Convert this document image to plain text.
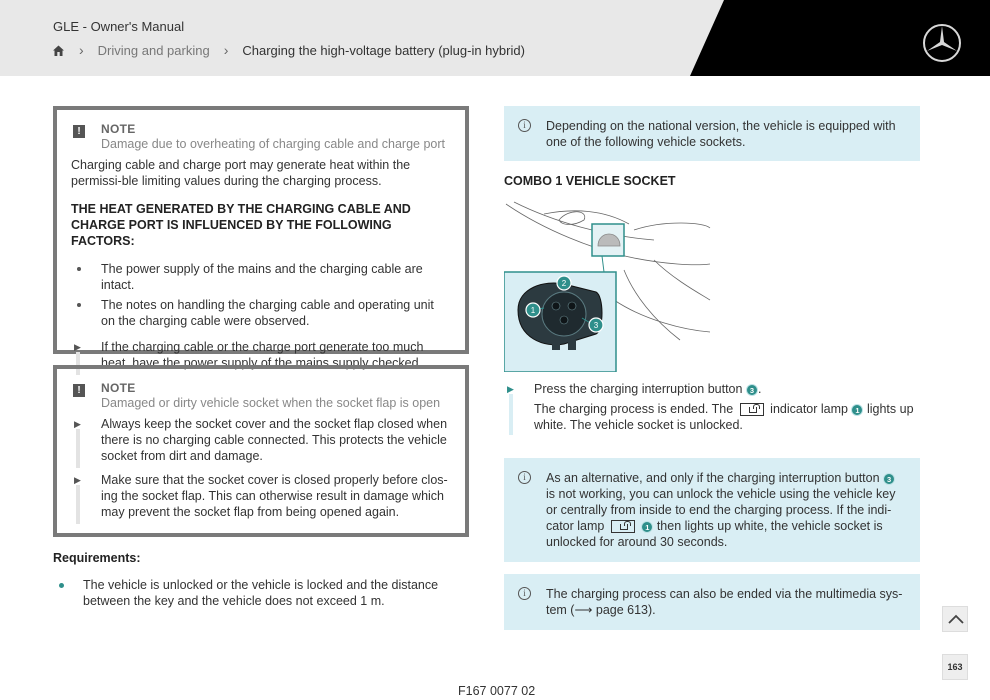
GLE - Owner's Manual
› Driving and parking › Charging the high-voltage battery (plug-in hybrid)
!	NOTE
Damage due to overheating of charging cable and charge port
Charging cable and charge port may generate heat within the permissi-ble limiting values during the charging process.
THE HEAT GENERATED BY THE CHARGING CABLE AND CHARGE PORT IS INFLUENCED BY THE FOLLOWING FACTORS:
The power supply of the mains and the charging cable are intact.
The notes on handling the charging cable and operating unit on the charging cable were observed.
▶ If the charging cable or the charge port generate too much heat, have the power supply of the mains supply checked.
!	NOTE
Damaged or dirty vehicle socket when the socket flap is open
▶ Always keep the socket cover and the socket flap closed when there is no charging cable connected. This protects the vehicle socket from dirt and damage.
▶ Make sure that the socket cover is closed properly before clos-ing the socket flap. This can otherwise result in damage which may prevent the socket flap from being opened again.
Requirements:
The vehicle is unlocked or the vehicle is locked and the distance between the key and the vehicle does not exceed 1 m.
i	Depending on the national version, the vehicle is equipped with one of the following vehicle sockets.
COMBO 1 VEHICLE SOCKET
1
2
3
▶ Press the charging interruption button 3 .
The charging process is ended. The	indicator lamp 1 lights up white. The vehicle socket is unlocked.
i	As an alternative, and only if the charging interruption button 3 is not working, you can unlock the vehicle using the vehicle key or centrally from inside to end the charging process. If the indi-cator lamp	1 then lights up white, the vehicle socket is unlocked for around 30 seconds.
i	The charging process can also be ended via the multimedia sys-tem (⟶ page 613).
163
F167 0077 02
